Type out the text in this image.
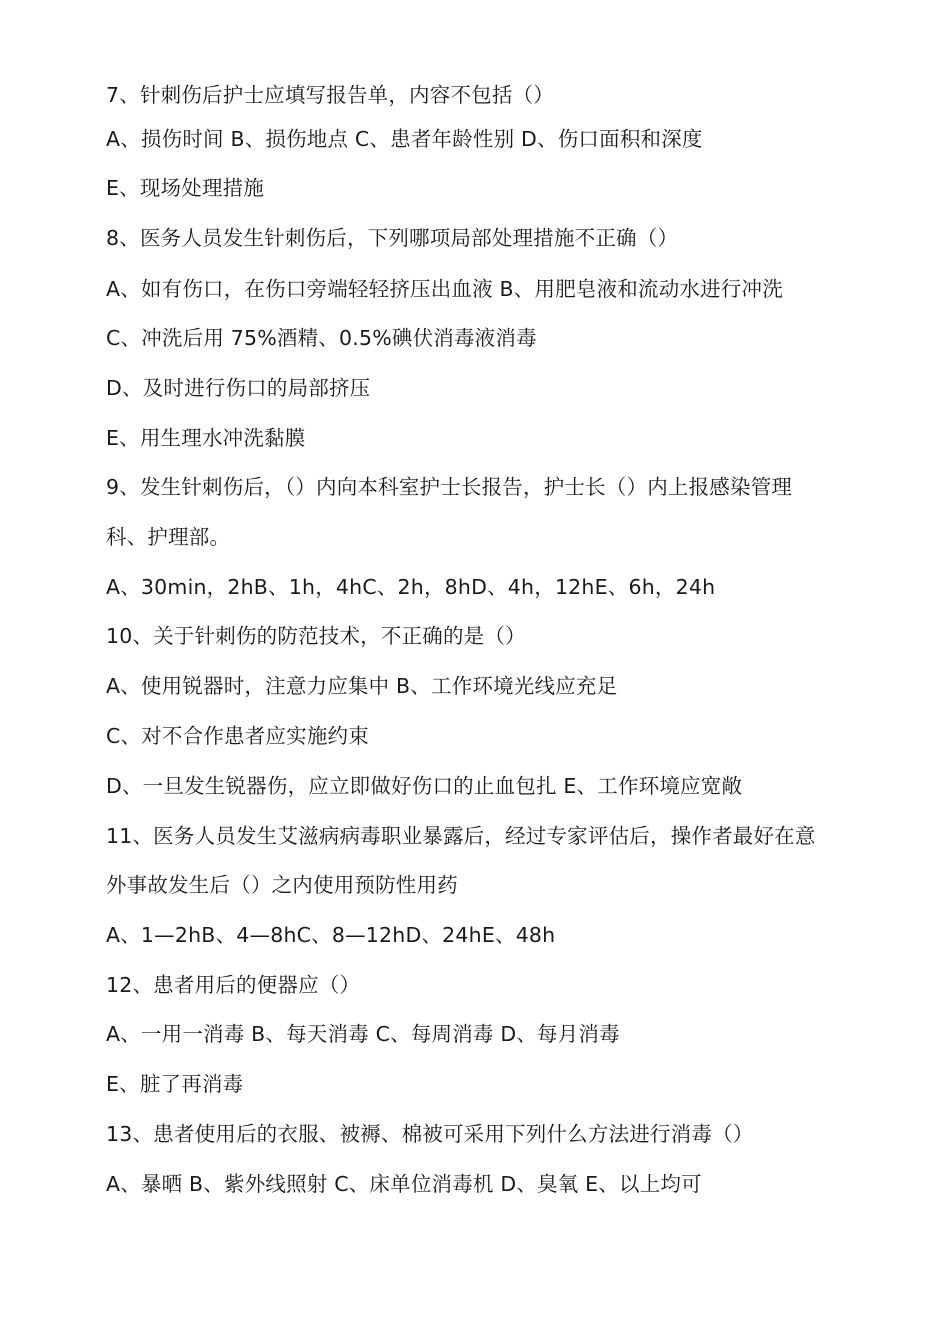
7、针刺伤后护士应填写报告单，内容不包括（）
A、损伤时间 B、损伤地点 C、患者年龄性别 D、伤口面积和深度
E、现场处理措施
8、医务人员发生针刺伤后，下列哪项局部处理措施不正确（）
A、如有伤口，在伤口旁端轻轻挤压出血液 B、用肥皂液和流动水进行冲洗
C、冲洗后用 75%酒精、0.5%碘伏消毒液消毒
D、及时进行伤口的局部挤压
E、用生理水冲洗黏膜
9、发生针刺伤后，（）内向本科室护士长报告，护士长（）内上报感染管理
科、护理部。
A、30min，2hB、1h，4hC、2h，8hD、4h，12hE、6h，24h
10、关于针刺伤的防范技术，不正确的是（）
A、使用锐器时，注意力应集中 B、工作环境光线应充足
C、对不合作患者应实施约束
D、一旦发生锐器伤，应立即做好伤口的止血包扎 E、工作环境应宽敞
11、医务人员发生艾滋病病毒职业暴露后，经过专家评估后，操作者最好在意
外事故发生后（）之内使用预防性用药
A、1—2hB、4—8hC、8—12hD、24hE、48h
12、患者用后的便器应（）
A、一用一消毒 B、每天消毒 C、每周消毒 D、每月消毒
E、脏了再消毒
13、患者使用后的衣服、被褥、棉被可采用下列什么方法进行消毒（）
A、暴晒 B、紫外线照射 C、床单位消毒机 D、臭氧 E、以上均可
